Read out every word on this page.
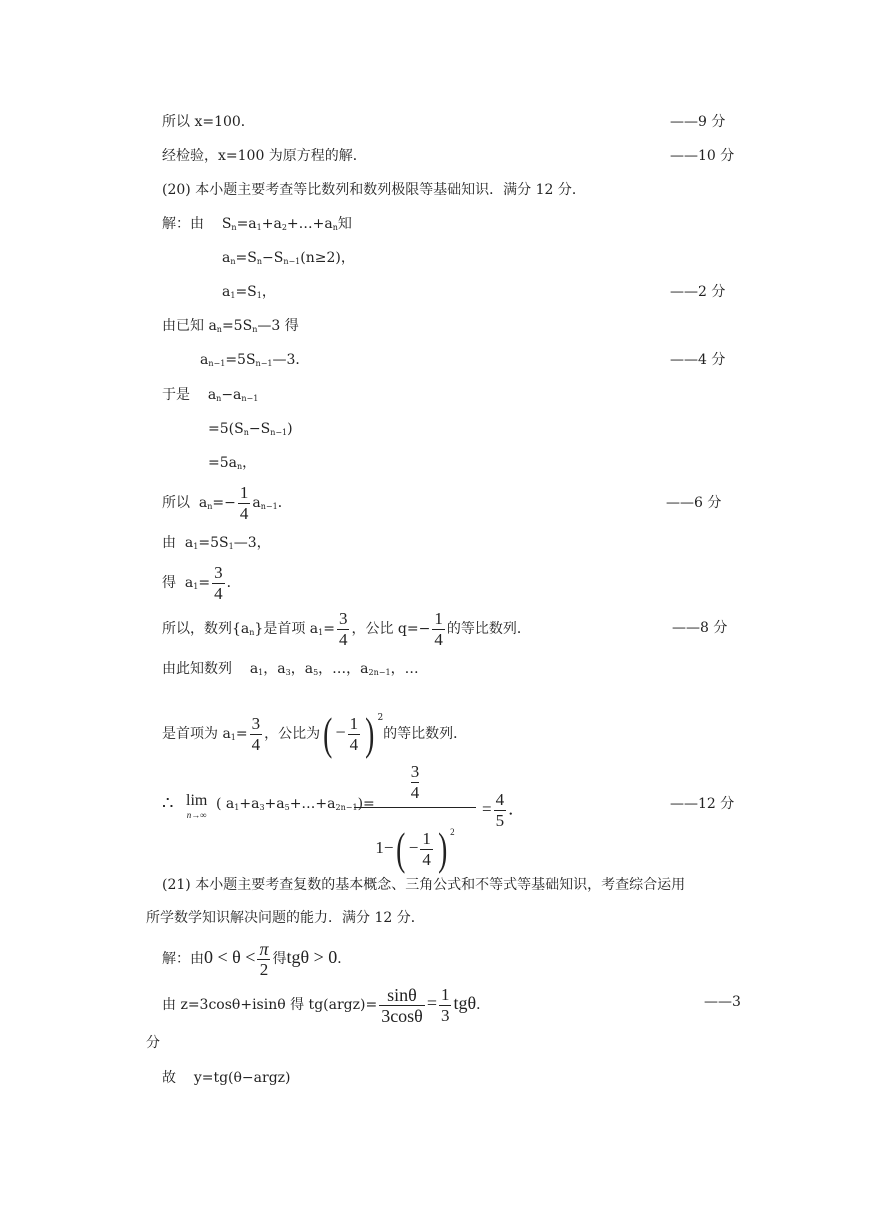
所以 x=100．	——9 分
经检验，x=100 为原方程的解．	——10 分
(20) 本小题主要考查等比数列和数列极限等基础知识．满分 12 分．
解：由 $S_n=a_1+a_2+\dots+a_n$知
$a_n=S_n-S_{n-1}(n\ge 2)$，
$a_1=S_1$，	——2 分
由已知 $a_n=5S_n—3$ 得
$a_{n-1}=5S_{n-1}—3$．	——4 分
于是 $a_n-a_{n-1}$
$=5(S_n-S_{n-1})$
$=5a_n$，
所以 $a_n=- \frac{1}{4} a_{n-1}$．	——6 分
由 $a_1=5S_1—3$，
得 $a_1= \frac{3}{4}$ ．
所以，数列$\{a_n\}$是首项 $a_1= \frac{3}{4}$ ，公比 $q=- \frac{1}{4}$ 的等比数列．	——8 分
由此知数列 $a_1$，$a_3$，$a_5$，…，$a_{2n-1}$，…
是首项为 $a_1= \frac{3}{4}$ ，公比为( − $\frac{1}{4}$ ) $^2$的等比数列．
∴ lim
n→∞
( $a_1+a_3+a_5+\dots+a_{2n-1})=$
$\frac{3}{4}$
$1-( - \frac{1}{4}$ ) $^2$
= $\frac{4}{5}$ ．	——12 分
(21) 本小题主要考查复数的基本概念、三角公式和不等式等基础知识，考查综合运用
所学数学知识解决问题的能力．满分 12 分．
解：由$0 < \theta < \frac{\pi}{2}$ 得tgθ > 0．
由 z=3cosθ+isinθ 得 tg(argz)= $\frac{\sin\theta}{3\cos\theta} = \frac{1}{3}$ tgθ．	——3
分
故 y=tg(θ−argz)
